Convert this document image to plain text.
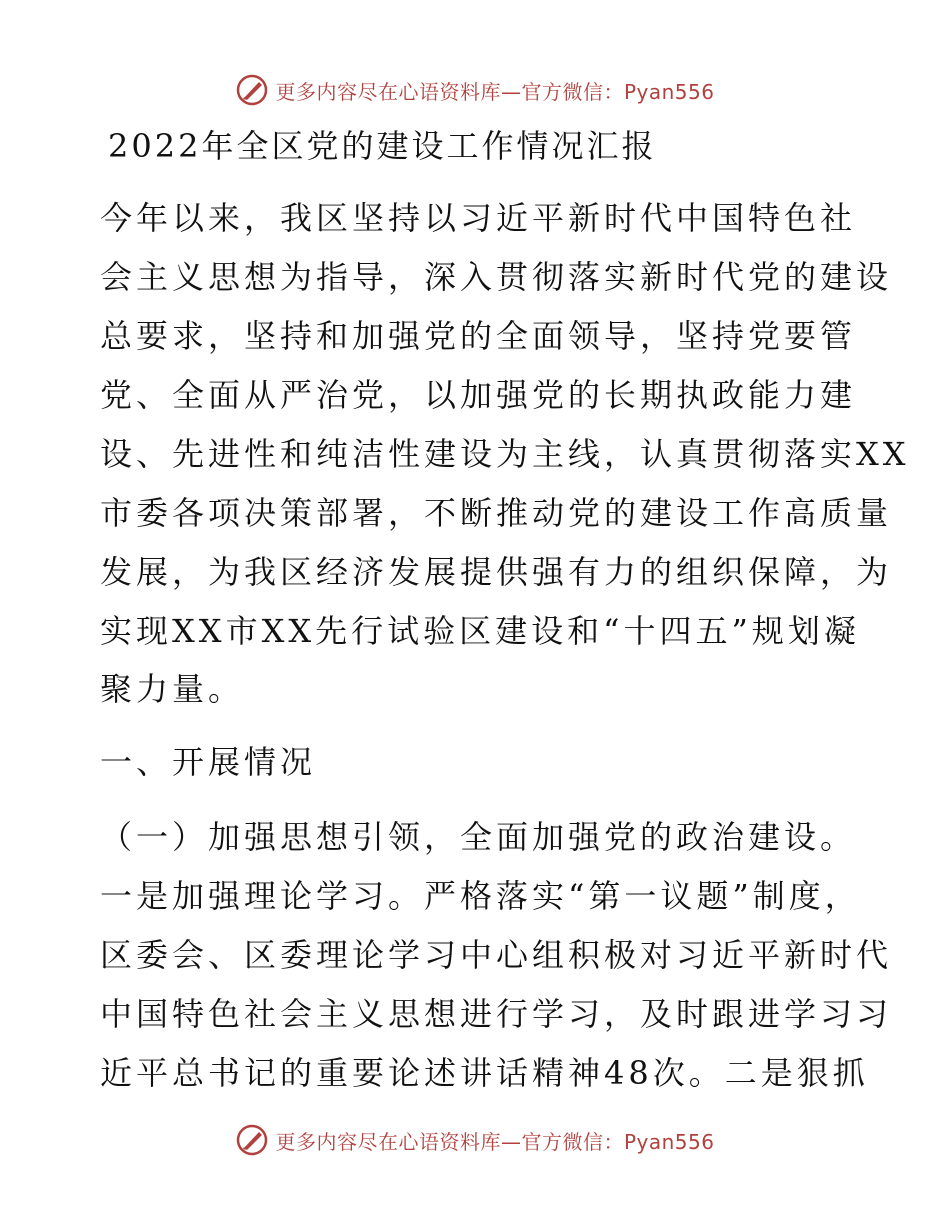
更多内容尽在心语资料库—官方微信：Pyan556
2022年全区党的建设工作情况汇报

今年以来，我区坚持以习近平新时代中国特色社

会主义思想为指导，深入贯彻落实新时代党的建设

总要求，坚持和加强党的全面领导，坚持党要管

党、全面从严治党，以加强党的长期执政能力建

设、先进性和纯洁性建设为主线，认真贯彻落实XX

市委各项决策部署，不断推动党的建设工作高质量

发展，为我区经济发展提供强有力的组织保障，为

实现XX市XX先行试验区建设和“十四五”规划凝

聚力量。

一、开展情况

（一）加强思想引领，全面加强党的政治建设。

一是加强理论学习。严格落实“第一议题”制度，

区委会、区委理论学习中心组积极对习近平新时代

中国特色社会主义思想进行学习，及时跟进学习习

近平总书记的重要论述讲话精神48次。二是狠抓

更多内容尽在心语资料库—官方微信：Pyan556
